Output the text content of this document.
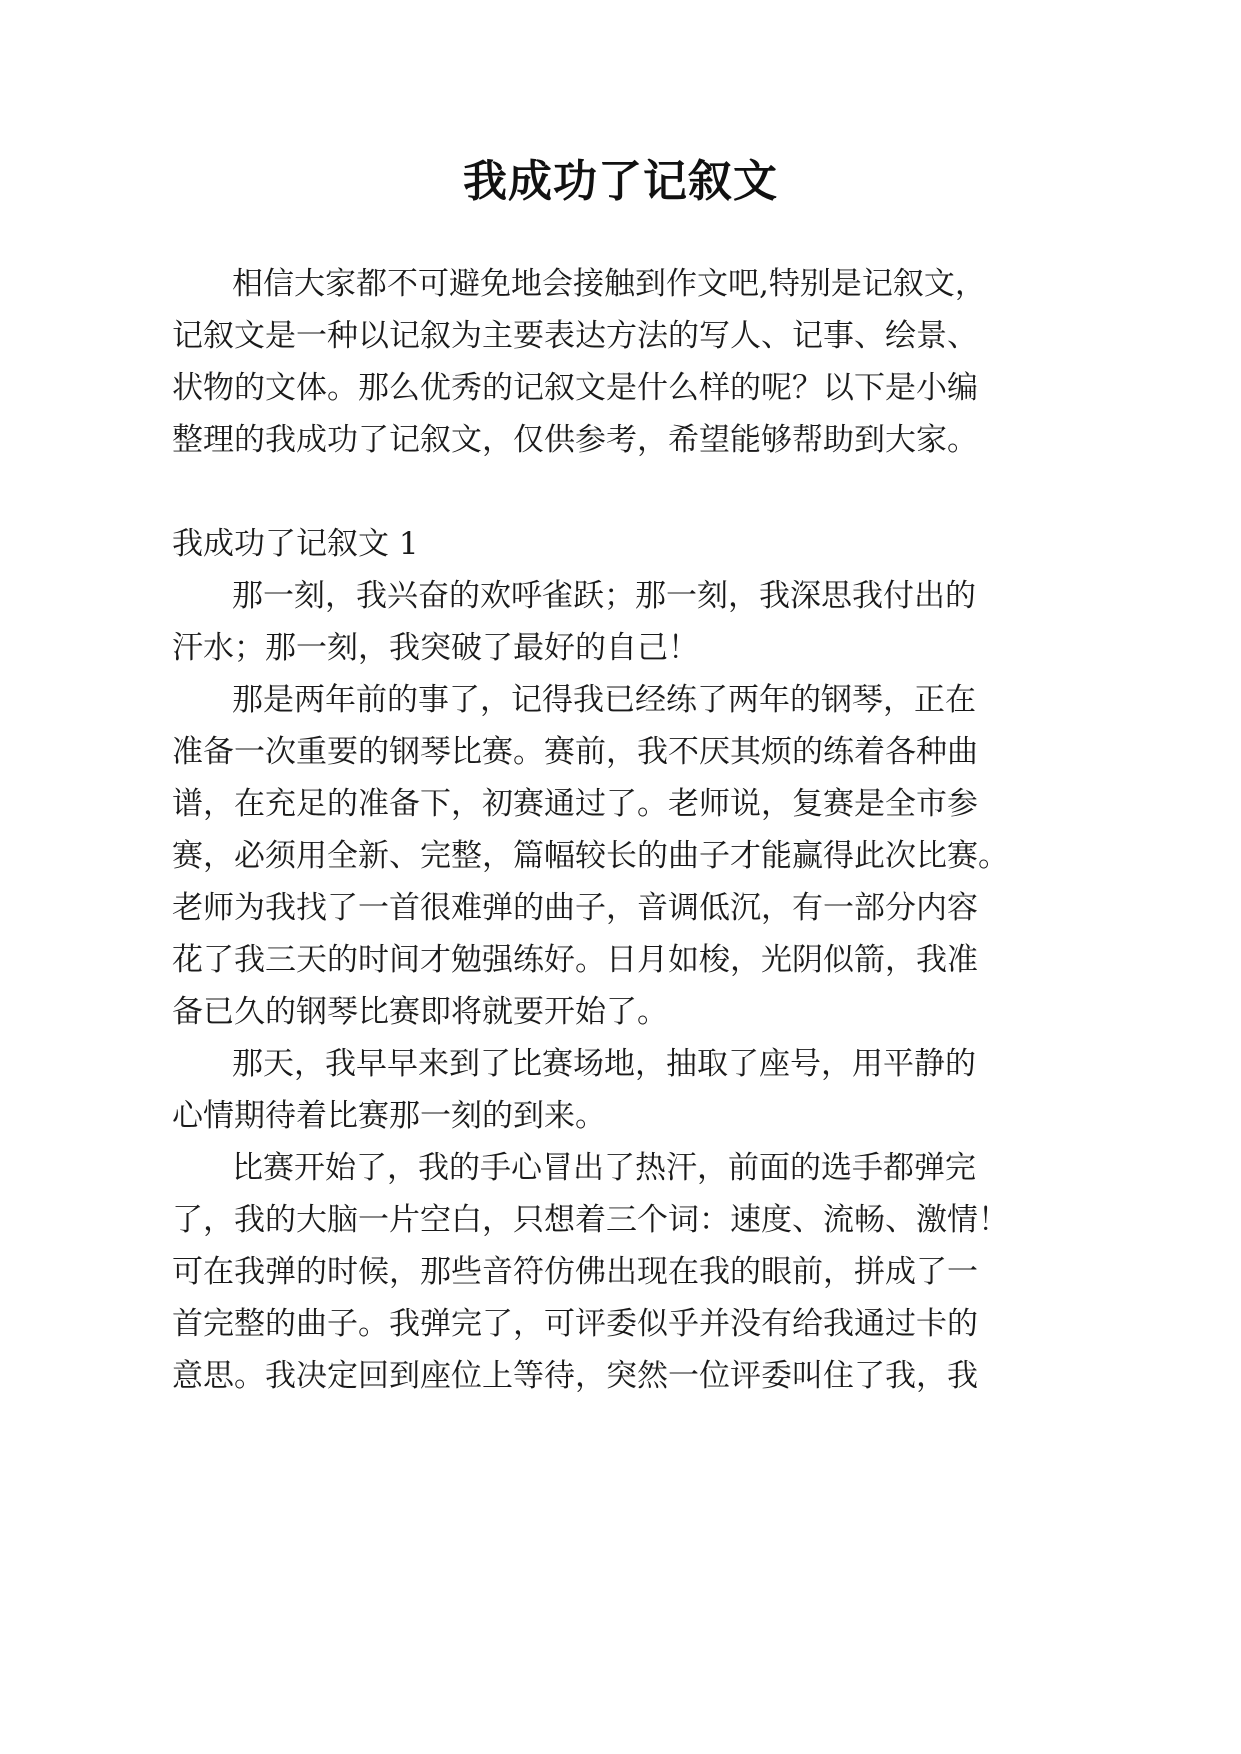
我成功了记叙文
相信大家都不可避免地会接触到作文吧,特别是记叙文，
记叙文是一种以记叙为主要表达方法的写人、记事、绘景、
状物的文体。那么优秀的记叙文是什么样的呢？以下是小编
整理的我成功了记叙文，仅供参考，希望能够帮助到大家。
我成功了记叙文 1
那一刻，我兴奋的欢呼雀跃；那一刻，我深思我付出的
汗水；那一刻，我突破了最好的自己！
那是两年前的事了，记得我已经练了两年的钢琴，正在
准备一次重要的钢琴比赛。赛前，我不厌其烦的练着各种曲
谱，在充足的准备下，初赛通过了。老师说，复赛是全市参
赛，必须用全新、完整，篇幅较长的曲子才能赢得此次比赛。
老师为我找了一首很难弹的曲子，音调低沉，有一部分内容
花了我三天的时间才勉强练好。日月如梭，光阴似箭，我准
备已久的钢琴比赛即将就要开始了。
那天，我早早来到了比赛场地，抽取了座号，用平静的
心情期待着比赛那一刻的到来。
比赛开始了，我的手心冒出了热汗，前面的选手都弹完
了，我的大脑一片空白，只想着三个词：速度、流畅、激情！
可在我弹的时候，那些音符仿佛出现在我的眼前，拼成了一
首完整的曲子。我弹完了，可评委似乎并没有给我通过卡的
意思。我决定回到座位上等待，突然一位评委叫住了我，我
